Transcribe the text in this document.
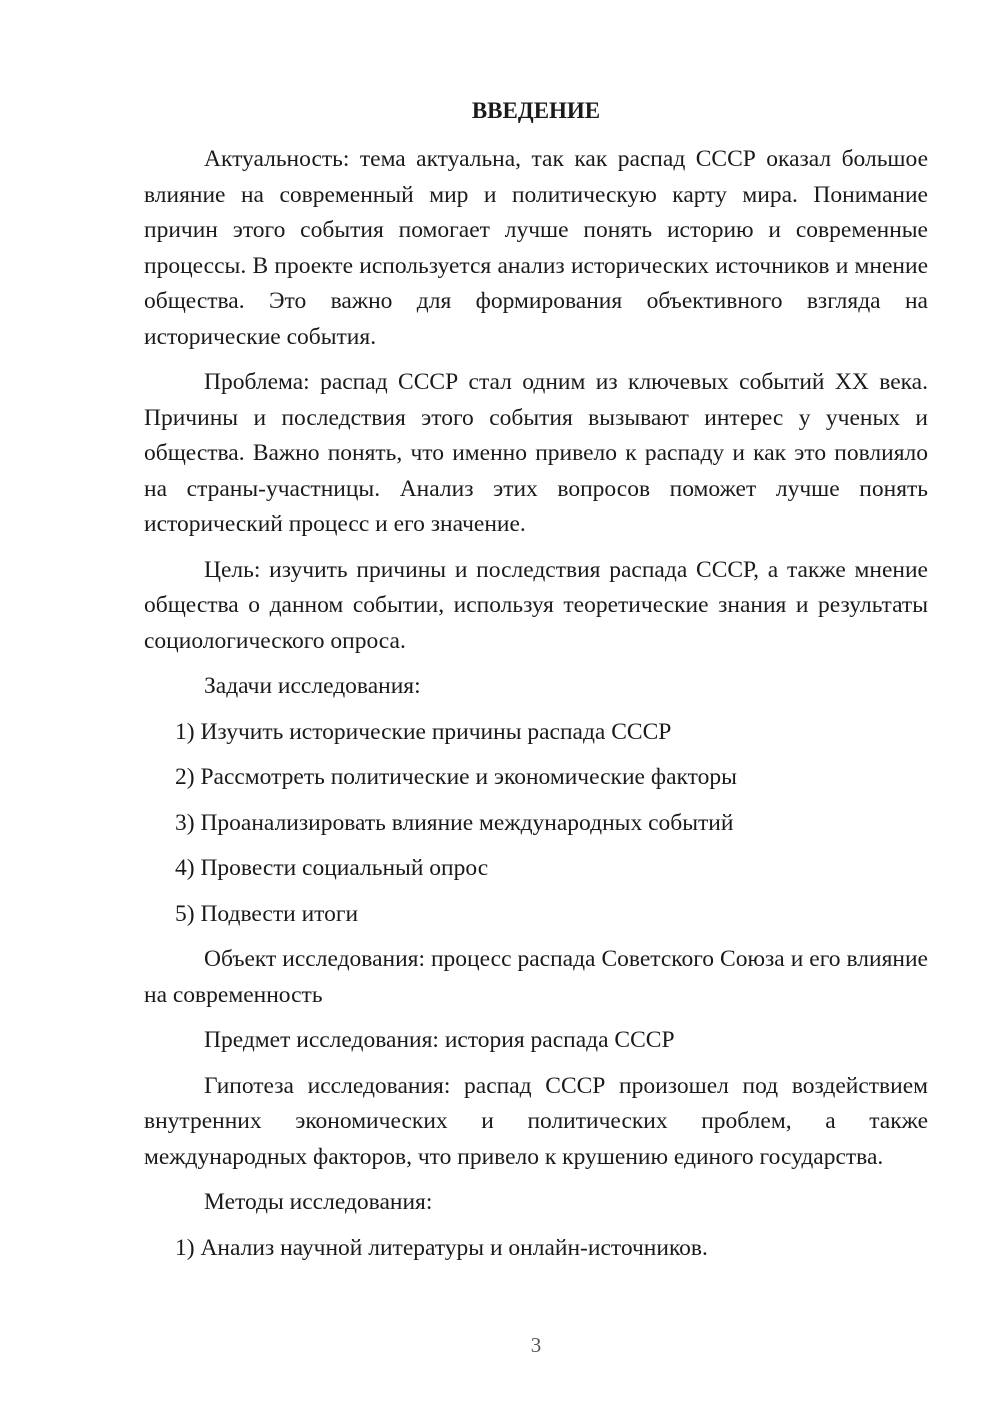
ВВЕДЕНИЕ

Актуальность: тема актуальна, так как распад СССР оказал большое влияние на современный мир и политическую карту мира. Понимание причин этого события помогает лучше понять историю и современные процессы. В проекте используется анализ исторических источников и мнение общества. Это важно для формирования объективного взгляда на исторические события.

Проблема: распад СССР стал одним из ключевых событий XX века. Причины и последствия этого события вызывают интерес у ученых и общества. Важно понять, что именно привело к распаду и как это повлияло на страны-участницы. Анализ этих вопросов поможет лучше понять исторический процесс и его значение.

Цель: изучить причины и последствия распада СССР, а также мнение общества о данном событии, используя теоретические знания и результаты социологического опроса.

Задачи исследования:

1) Изучить исторические причины распада СССР
2) Рассмотреть политические и экономические факторы
3) Проанализировать влияние международных событий
4) Провести социальный опрос
5) Подвести итоги

Объект исследования: процесс распада Советского Союза и его влияние на современность

Предмет исследования: история распада СССР

Гипотеза исследования: распад СССР произошел под воздействием внутренних экономических и политических проблем, а также международных факторов, что привело к крушению единого государства.

Методы исследования:

1) Анализ научной литературы и онлайн-источников.
3
